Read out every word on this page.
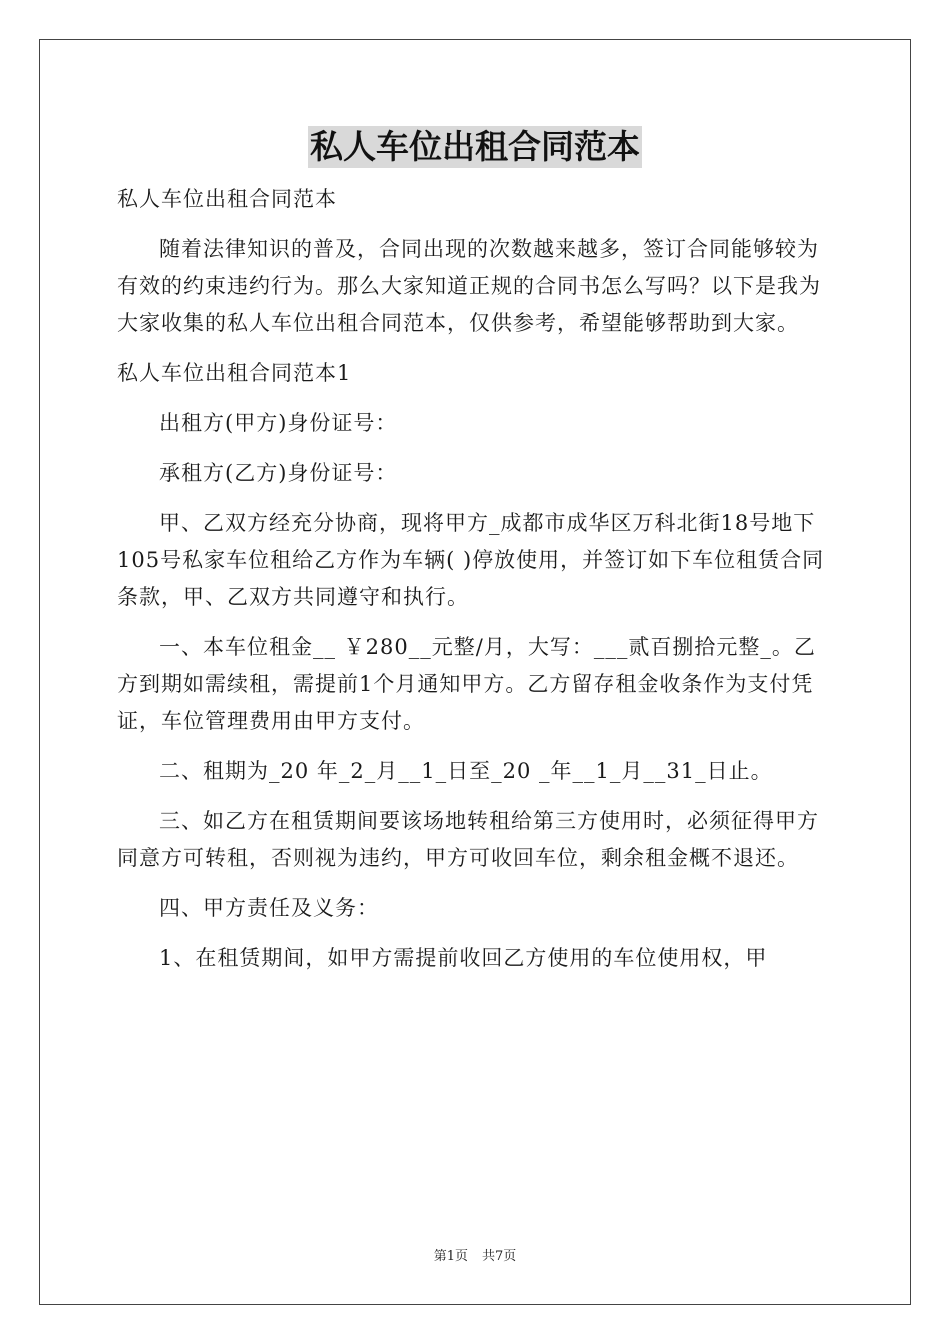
私人车位出租合同范本

私人车位出租合同范本

随着法律知识的普及，合同出现的次数越来越多，签订合同能够较为有效的约束违约行为。那么大家知道正规的合同书怎么写吗？以下是我为大家收集的私人车位出租合同范本，仅供参考，希望能够帮助到大家。

私人车位出租合同范本1

出租方(甲方)身份证号：

承租方(乙方)身份证号：

甲、乙双方经充分协商，现将甲方_成都市成华区万科北街18号地下105号私家车位租给乙方作为车辆( )停放使用，并签订如下车位租赁合同条款，甲、乙双方共同遵守和执行。

一、本车位租金__ ￥280__元整/月，大写：___贰百捌拾元整_。乙方到期如需续租，需提前1个月通知甲方。乙方留存租金收条作为支付凭证，车位管理费用由甲方支付。

二、租期为_20 年_2_月__1_日至_20 _年__1_月__31_日止。

三、如乙方在租赁期间要该场地转租给第三方使用时，必须征得甲方同意方可转租，否则视为违约，甲方可收回车位，剩余租金概不退还。

四、甲方责任及义务：

1、在租赁期间，如甲方需提前收回乙方使用的车位使用权，甲

第1页 共7页
